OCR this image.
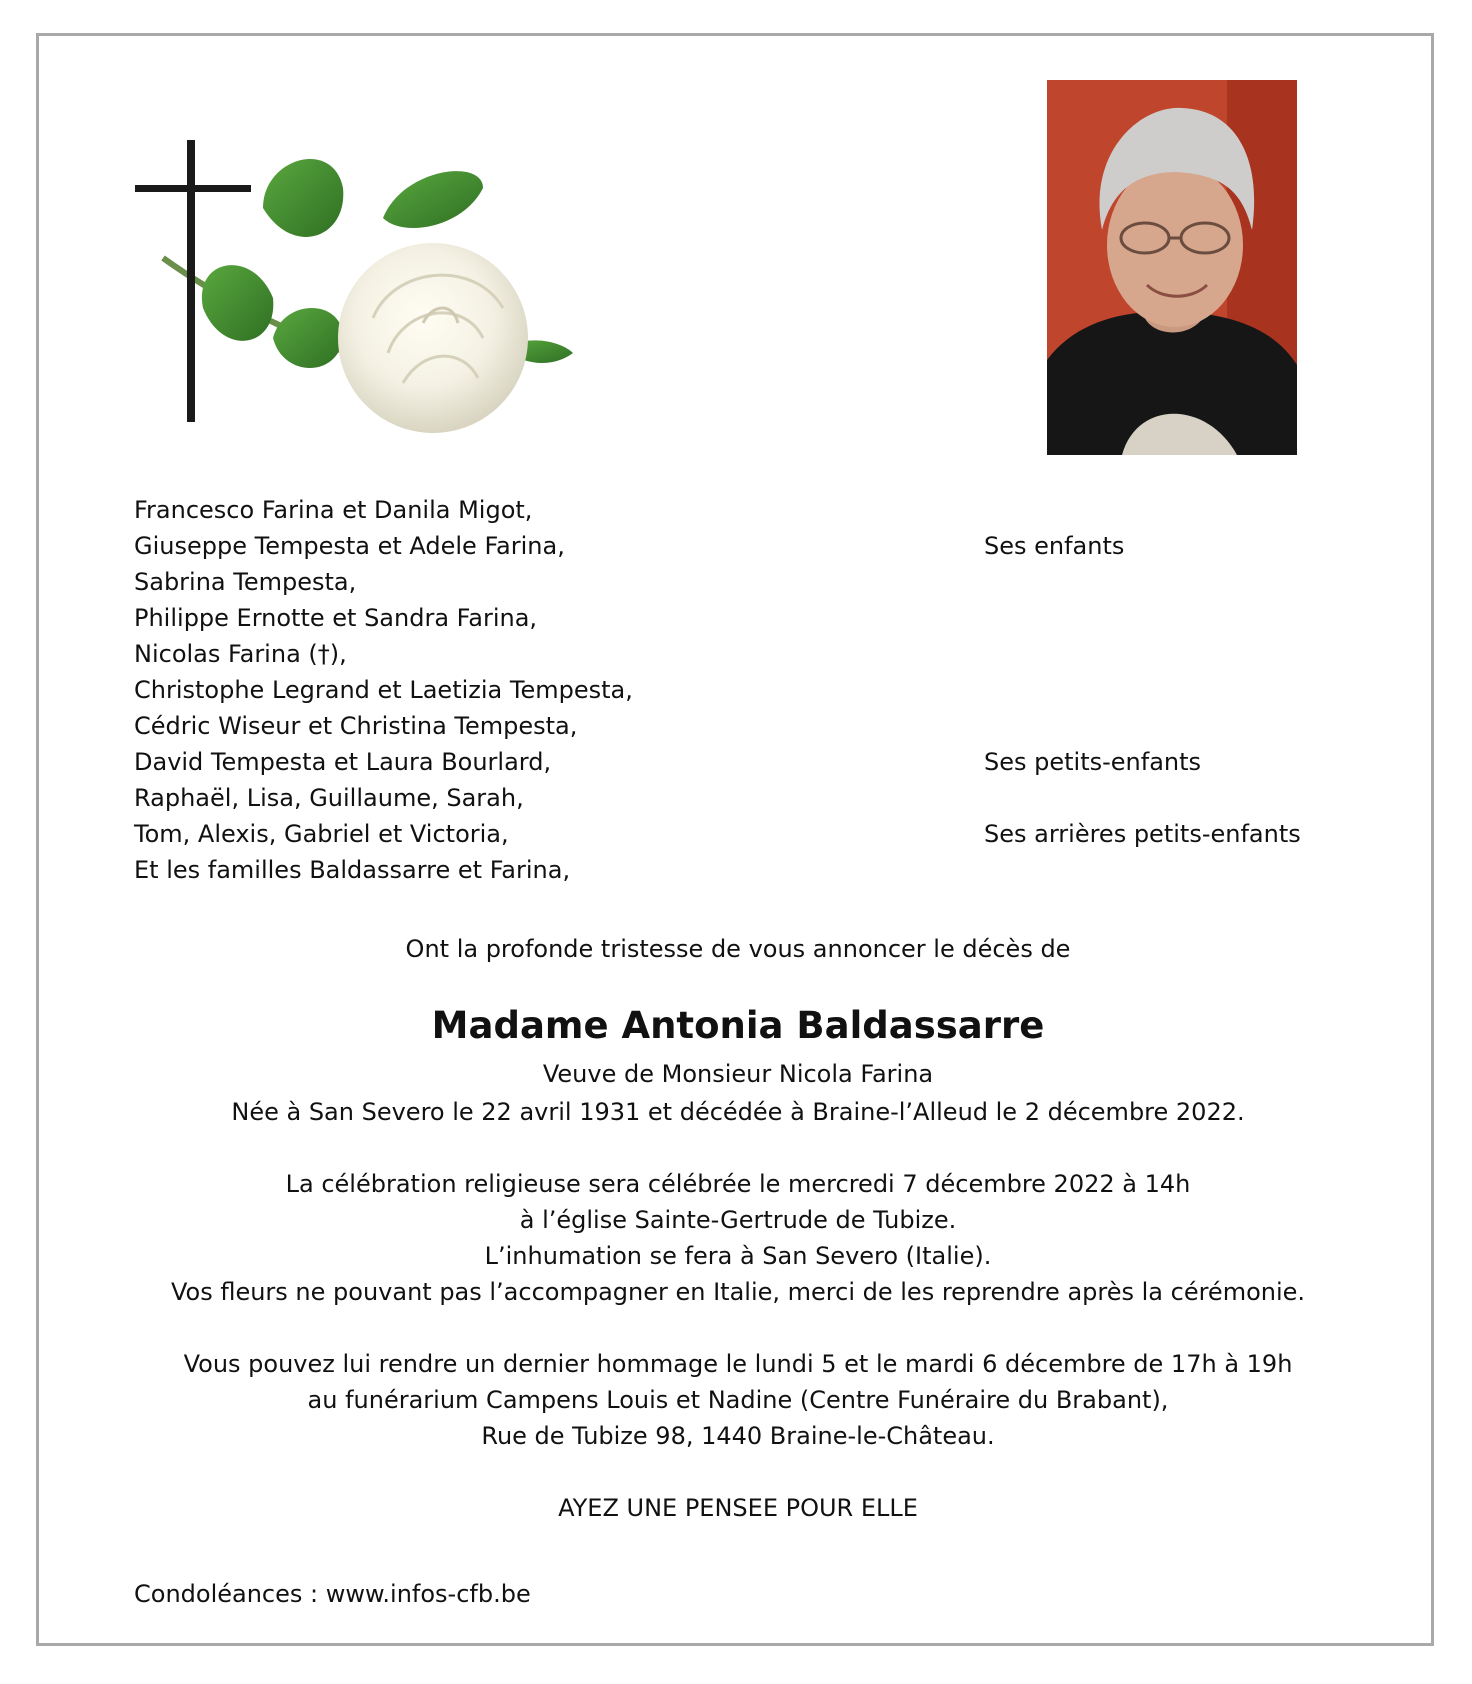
Francesco Farina et Danila Migot,
Giuseppe Tempesta et Adele Farina,	Ses enfants
Sabrina Tempesta,
Philippe Ernotte et Sandra Farina,
Nicolas Farina (†),
Christophe Legrand et Laetizia Tempesta,
Cédric Wiseur et Christina Tempesta,
David Tempesta et Laura Bourlard,	Ses petits-enfants
Raphaël, Lisa, Guillaume, Sarah,
Tom, Alexis, Gabriel et Victoria,	Ses arrières petits-enfants
Et les familles Baldassarre et Farina,
Ont la profonde tristesse de vous annoncer le décès de
Madame Antonia Baldassarre
Veuve de Monsieur Nicola Farina
Née à San Severo le 22 avril 1931 et décédée à Braine-l’Alleud le 2 décembre 2022.
La célébration religieuse sera célébrée le mercredi 7 décembre 2022 à 14h
à l’église Sainte-Gertrude de Tubize.
L’inhumation se fera à San Severo (Italie).
Vos fleurs ne pouvant pas l’accompagner en Italie, merci de les reprendre après la cérémonie.
Vous pouvez lui rendre un dernier hommage le lundi 5 et le mardi 6 décembre de 17h à 19h
au funérarium Campens Louis et Nadine (Centre Funéraire du Brabant),
Rue de Tubize 98, 1440 Braine-le-Château.
AYEZ UNE PENSEE POUR ELLE
Condoléances : www.infos-cfb.be
